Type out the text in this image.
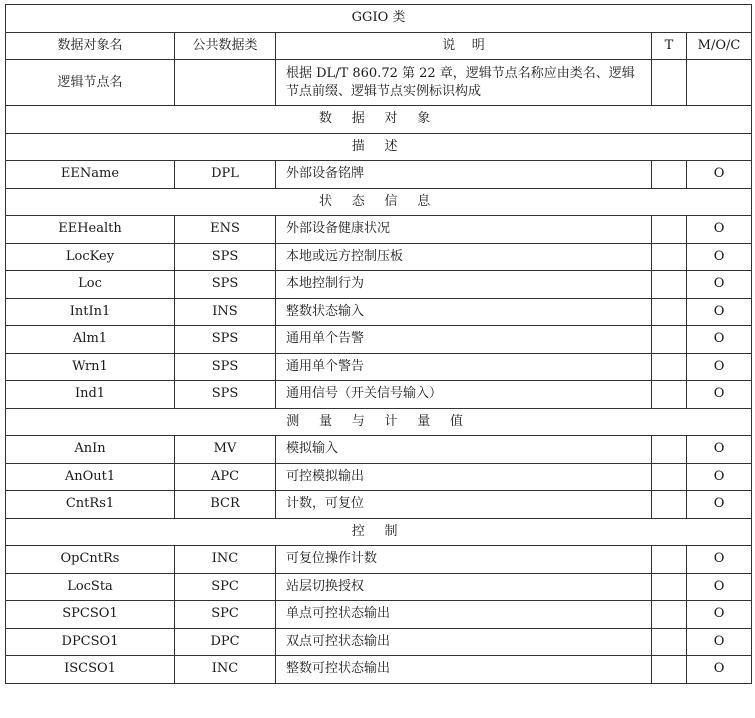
GGIO 类				
数据对象名	公共数据类	说    明	T	M/O/C
逻辑节点名		根据 DL/T 860.72 第 22 章，逻辑节点名称应由类名、逻辑节点前缀、逻辑节点实例标识构成		
数 据 对 象				
描 述				
EEName	DPL	外部设备铭牌		O
状 态 信 息				
EEHealth	ENS	外部设备健康状况		O
LocKey	SPS	本地或远方控制压板		O
Loc	SPS	本地控制行为		O
IntIn1	INS	整数状态输入		O
Alm1	SPS	通用单个告警		O
Wrn1	SPS	通用单个警告		O
Ind1	SPS	通用信号（开关信号输入）		O
测 量 与 计 量 值				
AnIn	MV	模拟输入		O
AnOut1	APC	可控模拟输出		O
CntRs1	BCR	计数，可复位		O
控 制				
OpCntRs	INC	可复位操作计数		O
LocSta	SPC	站层切换授权		O
SPCSO1	SPC	单点可控状态输出		O
DPCSO1	DPC	双点可控状态输出		O
ISCSO1	INC	整数可控状态输出		O
